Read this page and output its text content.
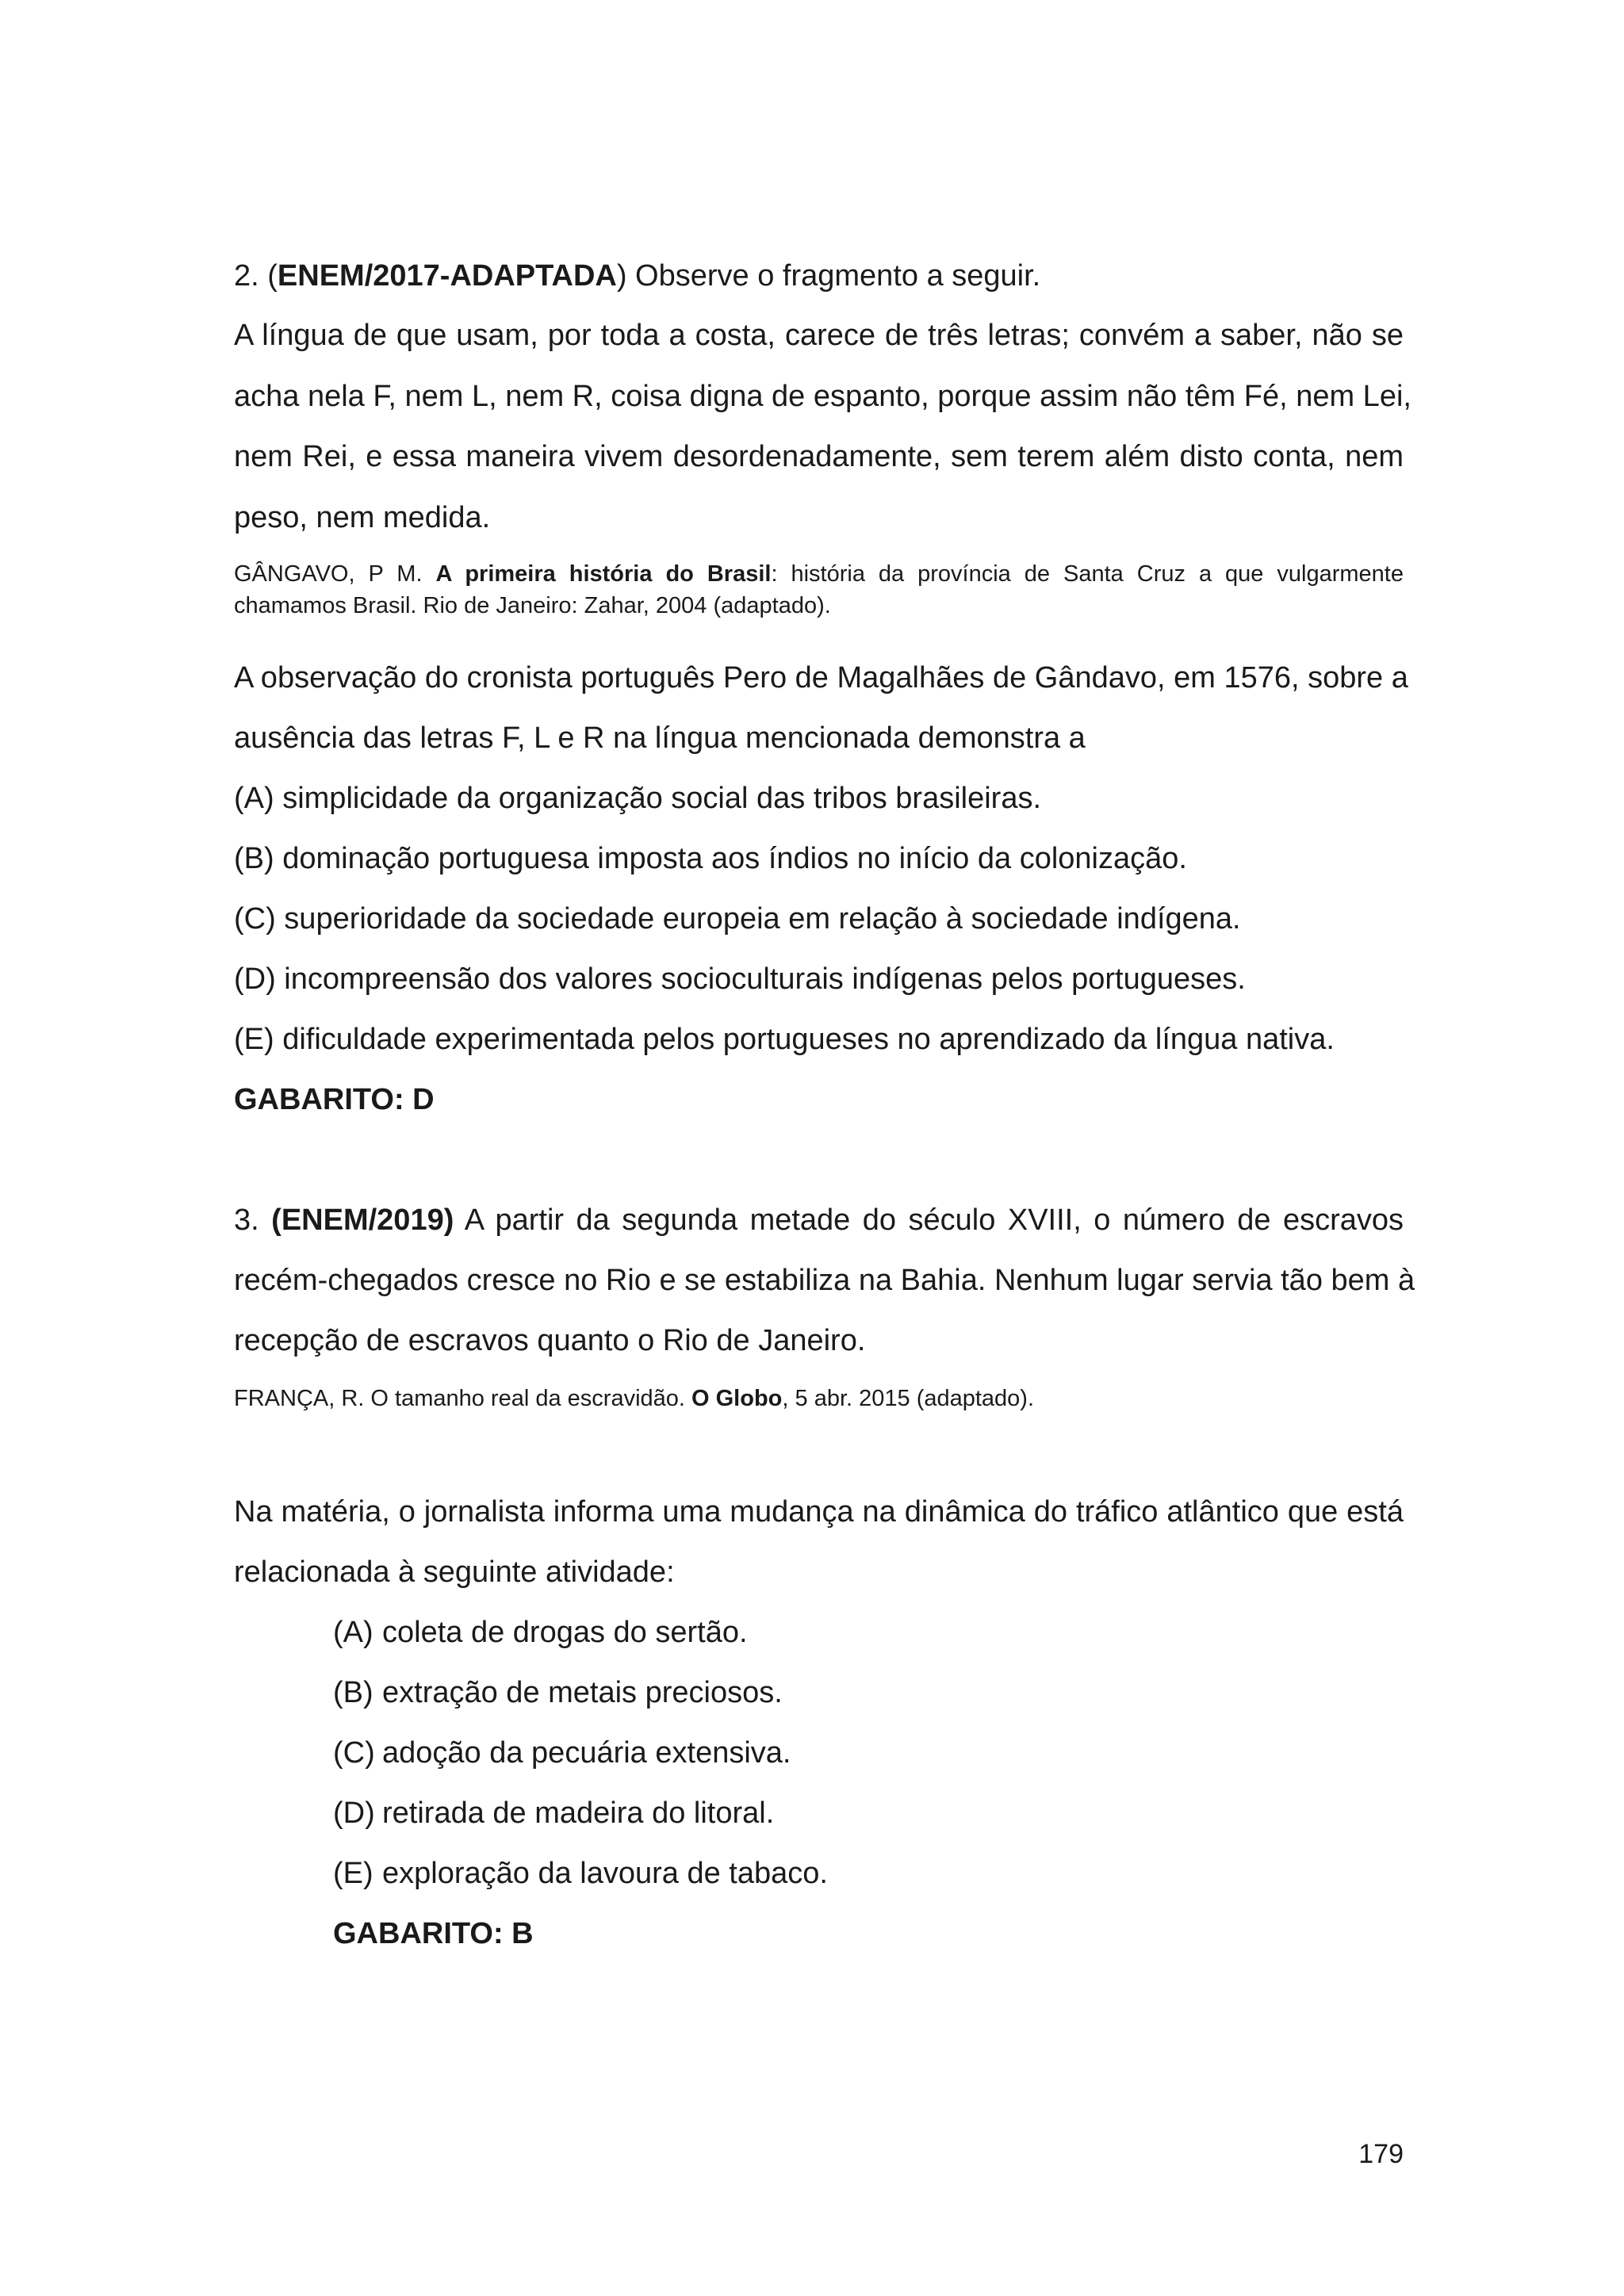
2. (ENEM/2017-ADAPTADA) Observe o fragmento a seguir.
A língua de que usam, por toda a costa, carece de três letras; convém a saber, não se
acha nela F, nem L, nem R, coisa digna de espanto, porque assim não têm Fé, nem Lei,
nem Rei, e essa maneira vivem desordenadamente, sem terem além disto conta, nem
peso, nem medida.
GÂNGAVO, P M. A primeira história do Brasil: história da província de Santa Cruz a que vulgarmente
chamamos Brasil. Rio de Janeiro: Zahar, 2004 (adaptado).
A observação do cronista português Pero de Magalhães de Gândavo, em 1576, sobre a
ausência das letras F, L e R na língua mencionada demonstra a
(A) simplicidade da organização social das tribos brasileiras.
(B) dominação portuguesa imposta aos índios no início da colonização.
(C) superioridade da sociedade europeia em relação à sociedade indígena.
(D) incompreensão dos valores socioculturais indígenas pelos portugueses.
(E) dificuldade experimentada pelos portugueses no aprendizado da língua nativa.
GABARITO: D
3. (ENEM/2019) A partir da segunda metade do século XVIII, o número de escravos
recém-chegados cresce no Rio e se estabiliza na Bahia. Nenhum lugar servia tão bem à
recepção de escravos quanto o Rio de Janeiro.
FRANÇA, R. O tamanho real da escravidão. O Globo, 5 abr. 2015 (adaptado).
Na matéria, o jornalista informa uma mudança na dinâmica do tráfico atlântico que está
relacionada à seguinte atividade:
(A) coleta de drogas do sertão.
(B) extração de metais preciosos.
(C) adoção da pecuária extensiva.
(D) retirada de madeira do litoral.
(E) exploração da lavoura de tabaco.
GABARITO: B
179
